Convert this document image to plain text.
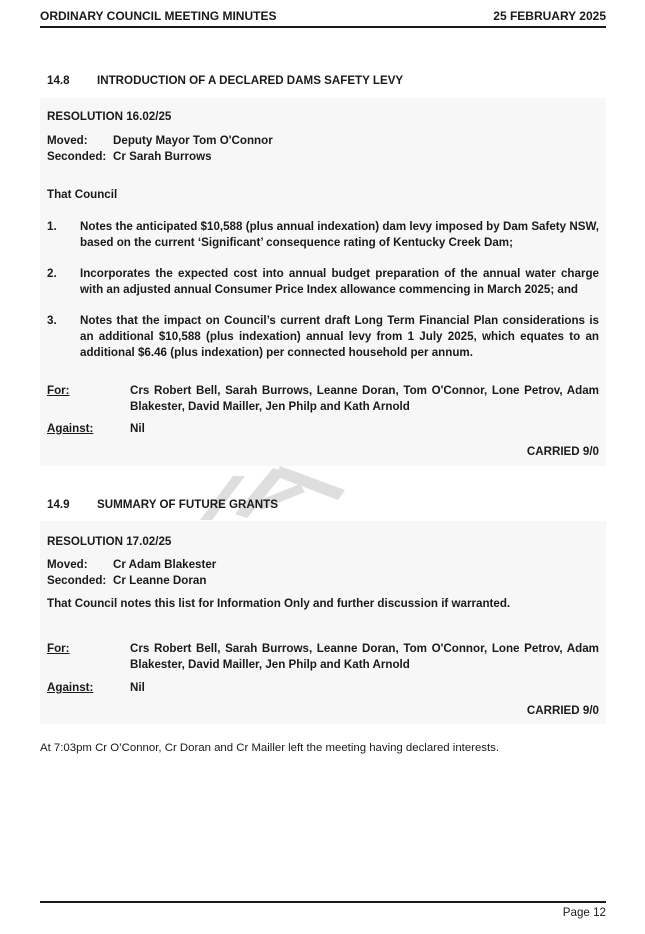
ORDINARY COUNCIL MEETING MINUTES	25 FEBRUARY 2025
14.8 INTRODUCTION OF A DECLARED DAMS SAFETY LEVY
RESOLUTION 16.02/25
Moved: Deputy Mayor Tom O'Connor
Seconded: Cr Sarah Burrows
That Council
1. Notes the anticipated $10,588 (plus annual indexation) dam levy imposed by Dam Safety NSW, based on the current ‘Significant’ consequence rating of Kentucky Creek Dam;
2. Incorporates the expected cost into annual budget preparation of the annual water charge with an adjusted annual Consumer Price Index allowance commencing in March 2025; and
3. Notes that the impact on Council’s current draft Long Term Financial Plan considerations is an additional $10,588 (plus indexation) annual levy from 1 July 2025, which equates to an additional $6.46 (plus indexation) per connected household per annum.
For:	Crs Robert Bell, Sarah Burrows, Leanne Doran, Tom O'Connor, Lone Petrov, Adam Blakester, David Mailler, Jen Philp and Kath Arnold
Against:	Nil
CARRIED 9/0
14.9 SUMMARY OF FUTURE GRANTS
RESOLUTION 17.02/25
Moved: Cr Adam Blakester
Seconded: Cr Leanne Doran
That Council notes this list for Information Only and further discussion if warranted.
For:	Crs Robert Bell, Sarah Burrows, Leanne Doran, Tom O'Connor, Lone Petrov, Adam Blakester, David Mailler, Jen Philp and Kath Arnold
Against:	Nil
CARRIED 9/0
At 7:03pm Cr O’Connor, Cr Doran and Cr Mailler left the meeting having declared interests.
Page 12
